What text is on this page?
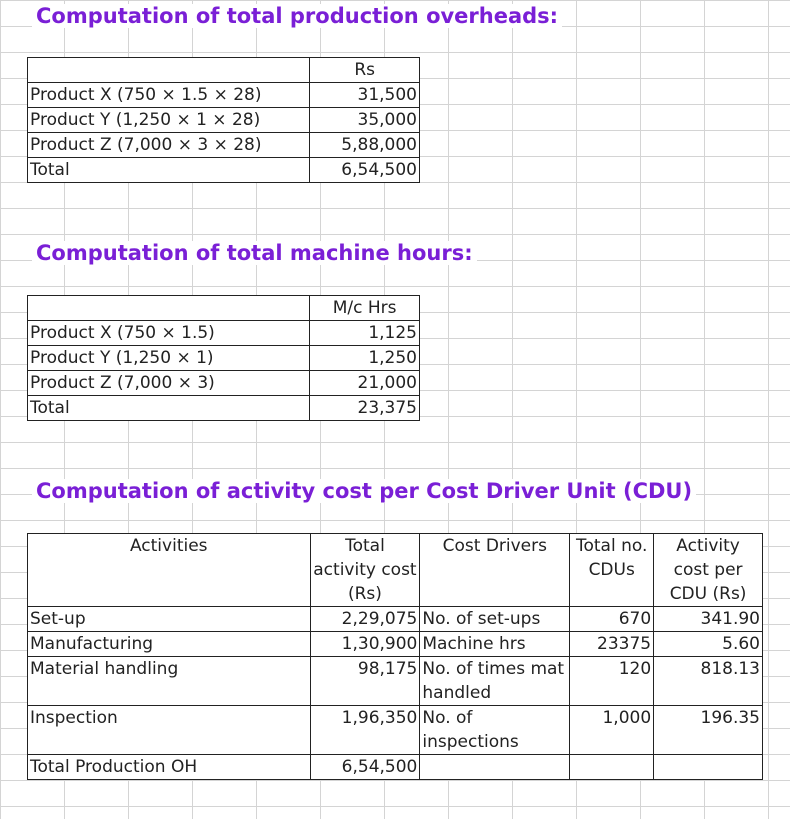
Computation of total production overheads:
	Rs
Product X (750 × 1.5 × 28)	31,500
Product Y (1,250 × 1 × 28)	35,000
Product Z (7,000 × 3 × 28)	5,88,000
Total	6,54,500
Computation of total machine hours:
	M/c Hrs
Product X (750 × 1.5)	1,125
Product Y (1,250 × 1)	1,250
Product Z (7,000 × 3)	21,000
Total	23,375
Computation of activity cost per Cost Driver Unit (CDU)
Activities	Total activity cost (Rs)	Cost Drivers	Total no. CDUs	Activity cost per CDU (Rs)
Set-up	2,29,075	No. of set-ups	670	341.90
Manufacturing	1,30,900	Machine hrs	23375	5.60
Material handling	98,175	No. of times mat handled	120	818.13
Inspection	1,96,350	No. of inspections	1,000	196.35
Total Production OH	6,54,500			
